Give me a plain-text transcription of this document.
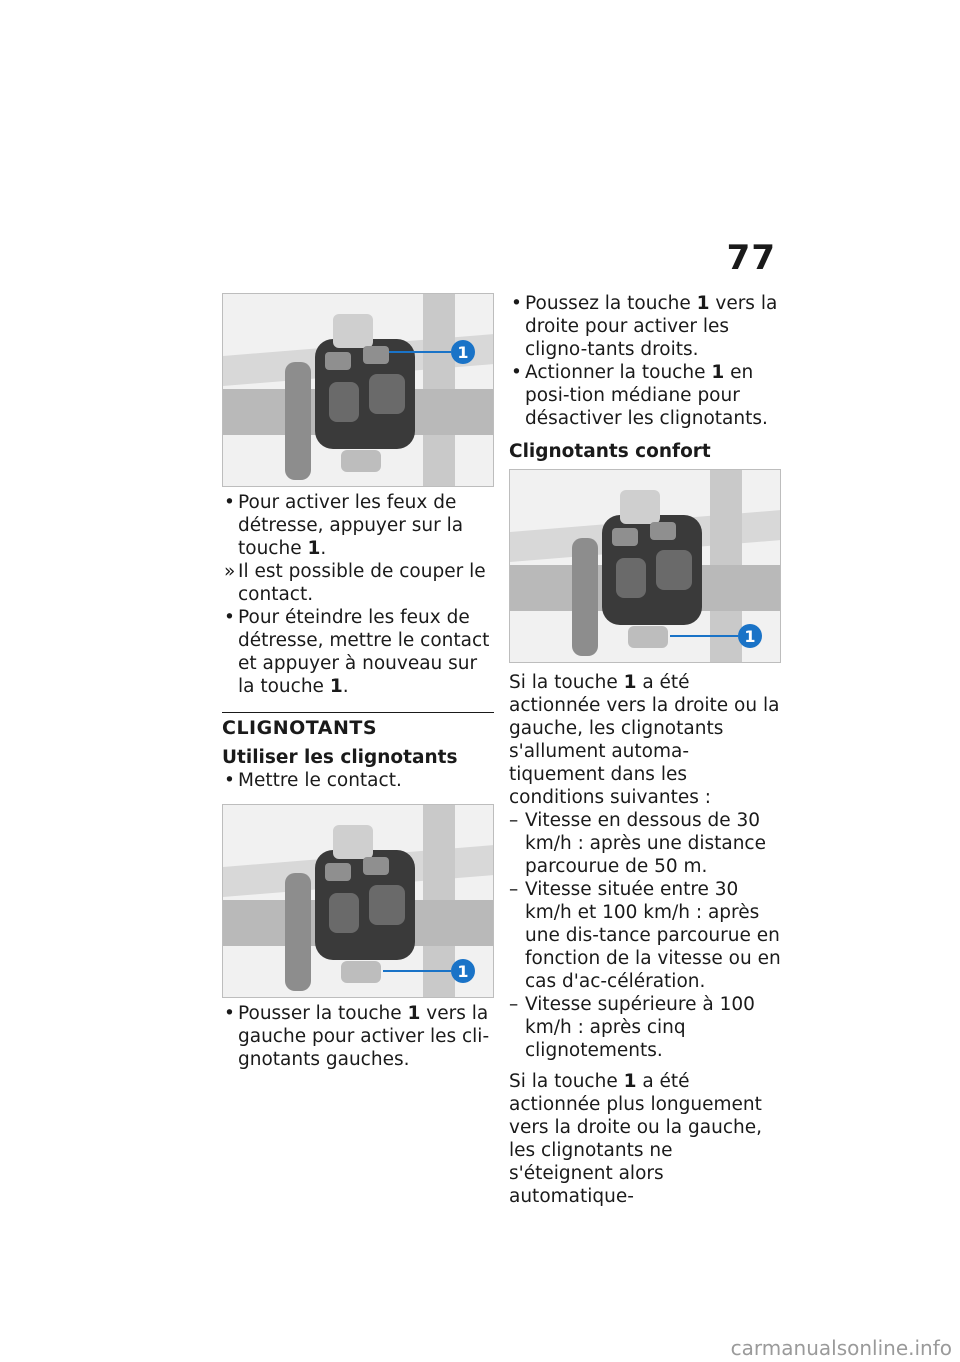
77
1
• Pour activer les feux de détresse, appuyer sur la touche 1.
» Il est possible de couper le contact.
• Pour éteindre les feux de détresse, mettre le contact et appuyer à nouveau sur la touche 1.
CLIGNOTANTS
Utiliser les clignotants
• Mettre le contact.
1
• Pousser la touche 1 vers la gauche pour activer les cli-gnotants gauches.
• Poussez la touche 1 vers la droite pour activer les cligno-tants droits.
• Actionner la touche 1 en posi-tion médiane pour désactiver les clignotants.
Clignotants confort
1
Si la touche 1 a été actionnée vers la droite ou la gauche, les clignotants s'allument automa-tiquement dans les conditions suivantes :
– Vitesse en dessous de 30 km/h : après une distance parcourue de 50 m.
– Vitesse située entre 30 km/h et 100 km/h : après une dis-tance parcourue en fonction de la vitesse ou en cas d'ac-célération.
– Vitesse supérieure à 100 km/h : après cinq clignotements.
Si la touche 1 a été actionnée plus longuement vers la droite ou la gauche, les clignotants ne s'éteignent alors automatique-
carmanualsonline.info
